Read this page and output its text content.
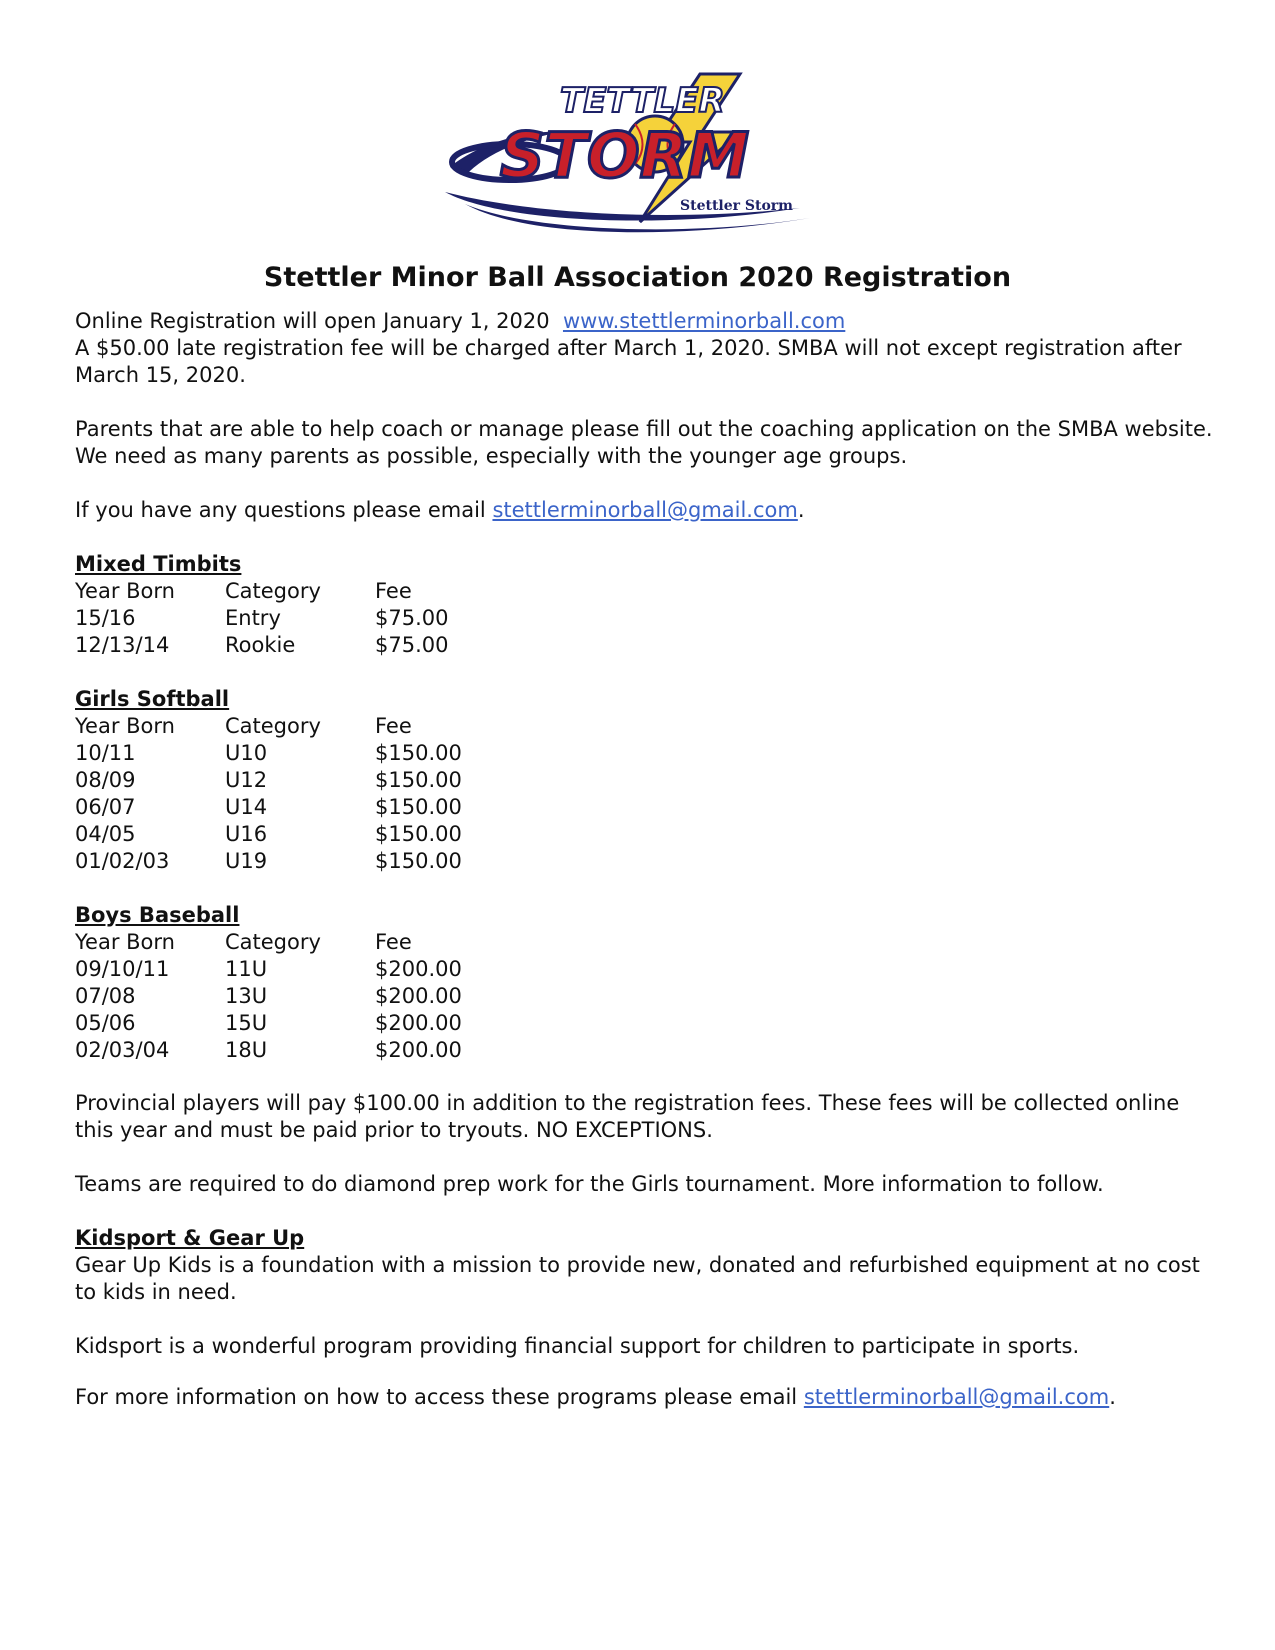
TETTLER
STORM
Stettler Storm
Stettler Minor Ball Association 2020 Registration
Online Registration will open January 1, 2020 www.stettlerminorball.com
A $50.00 late registration fee will be charged after March 1, 2020. SMBA will not except registration after
March 15, 2020.
Parents that are able to help coach or manage please fill out the coaching application on the SMBA website.
We need as many parents as possible, especially with the younger age groups.
If you have any questions please email stettlerminorball@gmail.com.
Mixed Timbits
Year Born	Category	Fee
15/16	Entry	$75.00
12/13/14	Rookie	$75.00
Girls Softball
Year Born	Category	Fee
10/11	U10	$150.00
08/09	U12	$150.00
06/07	U14	$150.00
04/05	U16	$150.00
01/02/03	U19	$150.00
Boys Baseball
Year Born	Category	Fee
09/10/11	11U	$200.00
07/08	13U	$200.00
05/06	15U	$200.00
02/03/04	18U	$200.00
Provincial players will pay $100.00 in addition to the registration fees. These fees will be collected online
this year and must be paid prior to tryouts. NO EXCEPTIONS.
Teams are required to do diamond prep work for the Girls tournament. More information to follow.
Kidsport & Gear Up
Gear Up Kids is a foundation with a mission to provide new, donated and refurbished equipment at no cost
to kids in need.
Kidsport is a wonderful program providing financial support for children to participate in sports.
For more information on how to access these programs please email stettlerminorball@gmail.com.
